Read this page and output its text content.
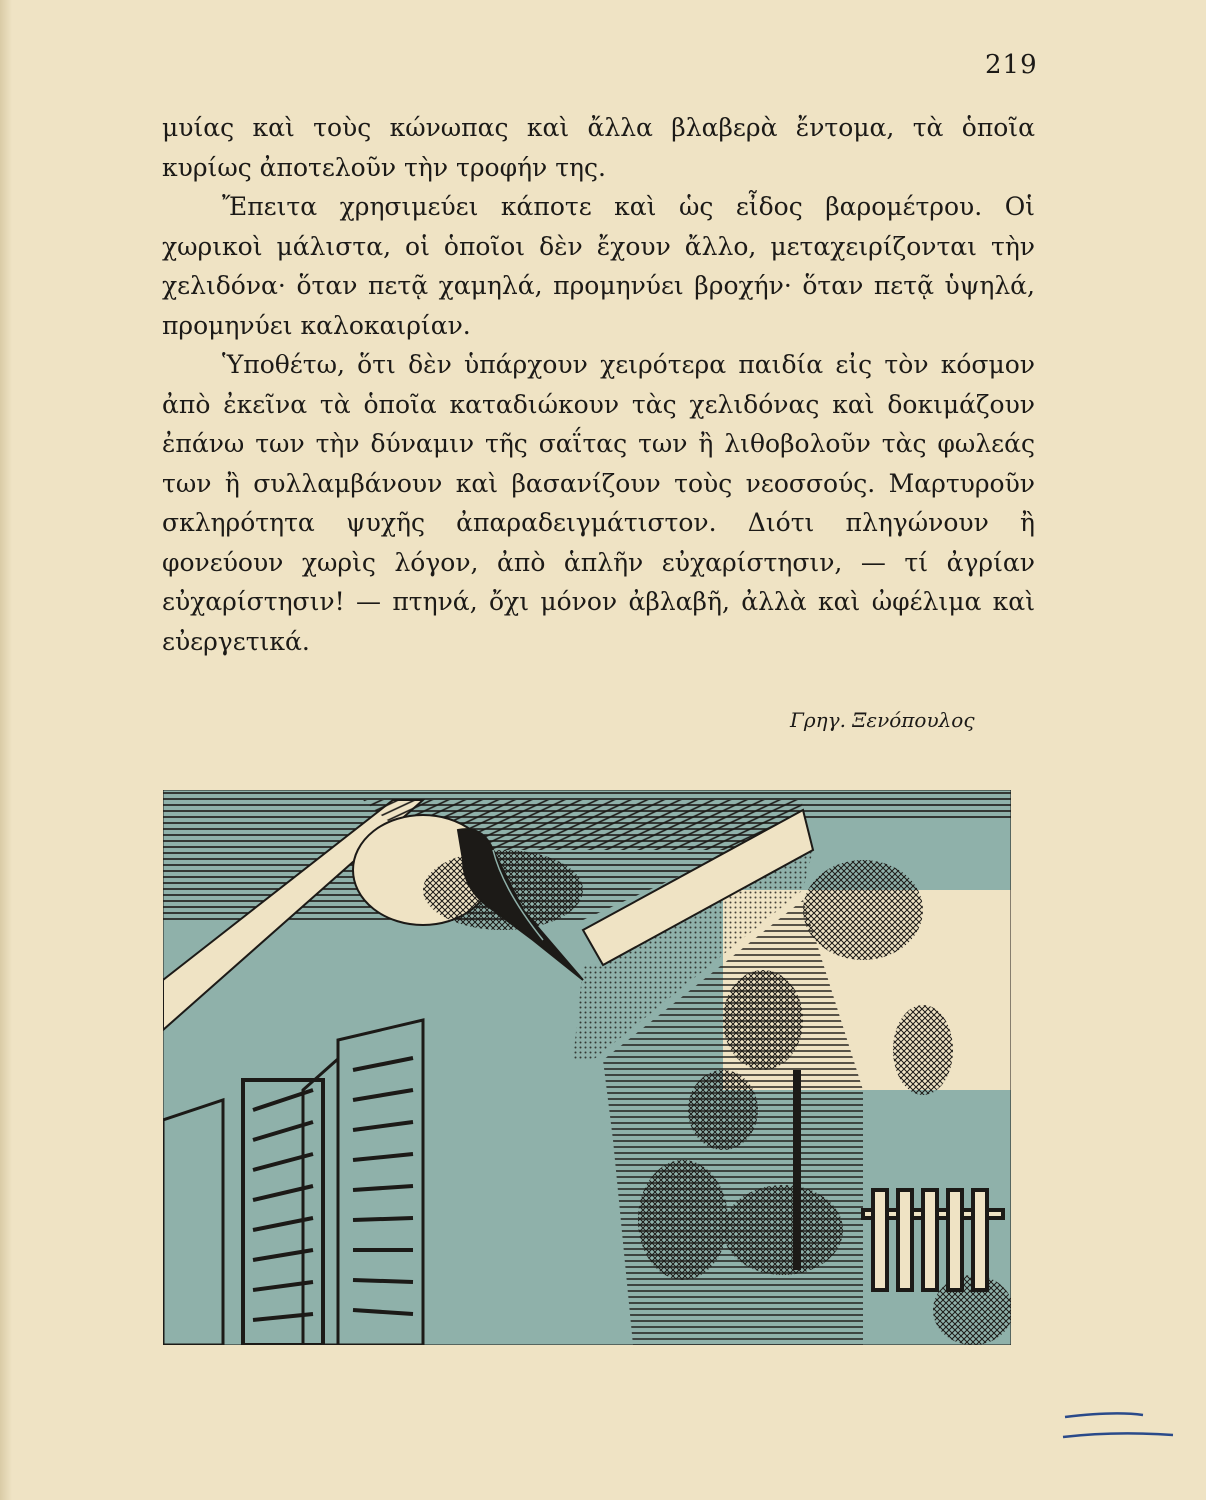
219

μυίας καὶ τοὺς κώνωπας καὶ ἄλλα βλαβερὰ ἔντομα, τὰ ὁποῖα κυρίως ἀποτελοῦν τὴν τροφήν της.

Ἔπειτα χρησιμεύει κάποτε καὶ ὡς εἶδος βαρομέτρου. Οἱ χωρικοὶ μάλιστα, οἱ ὁποῖοι δὲν ἔχουν ἄλλο, μεταχειρίζονται τὴν χελιδόνα· ὅταν πετᾷ χαμηλά, προμηνύει βροχήν· ὅταν πετᾷ ὑψηλά, προμηνύει καλοκαιρίαν.

Ὑποθέτω, ὅτι δὲν ὑπάρχουν χειρότερα παιδία εἰς τὸν κόσμον ἀπὸ ἐκεῖνα τὰ ὁποῖα καταδιώκουν τὰς χελιδόνας καὶ δοκιμάζουν ἐπάνω των τὴν δύναμιν τῆς σαΐτας των ἢ λιθοβολοῦν τὰς φωλεάς των ἢ συλλαμβάνουν καὶ βασανίζουν τοὺς νεοσσούς. Μαρτυροῦν σκληρότητα ψυχῆς ἀπαραδειγμάτιστον. Διότι πληγώνουν ἢ φονεύουν χωρὶς λόγον, ἀπὸ ἁπλῆν εὐχαρίστησιν, — τί ἀγρίαν εὐχαρίστησιν! — πτηνά, ὄχι μόνον ἀβλαβῆ, ἀλλὰ καὶ ὠφέλιμα καὶ εὐεργετικά.

Γρηγ. Ξενόπουλος
